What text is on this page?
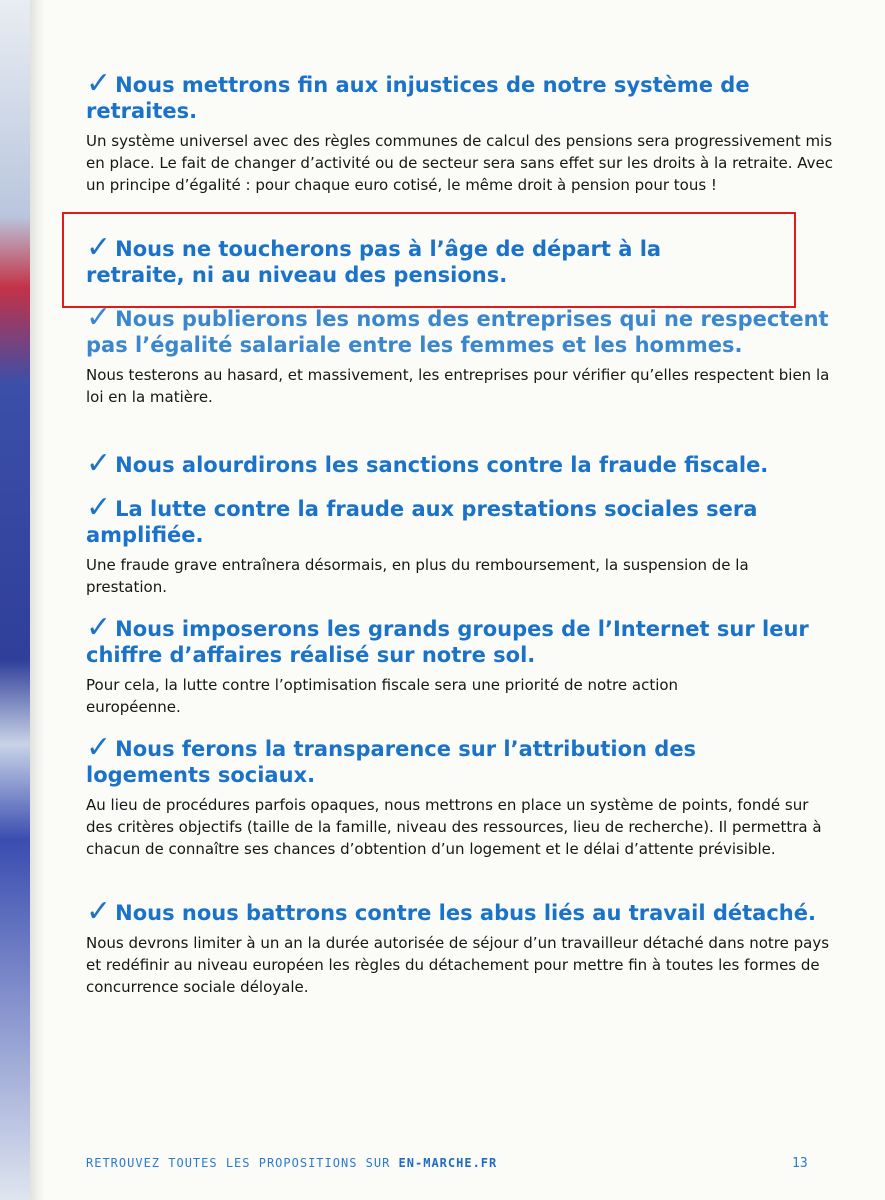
✓ Nous mettrons fin aux injustices de notre système de retraites.
Un système universel avec des règles communes de calcul des pensions sera progressivement mis en place. Le fait de changer d’activité ou de secteur sera sans effet sur les droits à la retraite. Avec un principe d’égalité : pour chaque euro cotisé, le même droit à pension pour tous !
✓ Nous ne toucherons pas à l’âge de départ à la retraite, ni au niveau des pensions.
✓ Nous publierons les noms des entreprises qui ne respectent pas l’égalité salariale entre les femmes et les hommes.
Nous testerons au hasard, et massivement, les entreprises pour vérifier qu’elles respectent bien la loi en la matière.
✓ Nous alourdirons les sanctions contre la fraude fiscale.
✓ La lutte contre la fraude aux prestations sociales sera amplifiée.
Une fraude grave entraînera désormais, en plus du remboursement, la suspension de la prestation.
✓ Nous imposerons les grands groupes de l’Internet sur leur chiffre d’affaires réalisé sur notre sol.
Pour cela, la lutte contre l’optimisation fiscale sera une priorité de notre action européenne.
✓ Nous ferons la transparence sur l’attribution des logements sociaux.
Au lieu de procédures parfois opaques, nous mettrons en place un système de points, fondé sur des critères objectifs (taille de la famille, niveau des ressources, lieu de recherche). Il permettra à chacun de connaître ses chances d’obtention d’un logement et le délai d’attente prévisible.
✓ Nous nous battrons contre les abus liés au travail détaché.
Nous devrons limiter à un an la durée autorisée de séjour d’un travailleur détaché dans notre pays et redéfinir au niveau européen les règles du détachement pour mettre fin à toutes les formes de concurrence sociale déloyale.
RETROUVEZ TOUTES LES PROPOSITIONS SUR EN-MARCHE.FR	13
